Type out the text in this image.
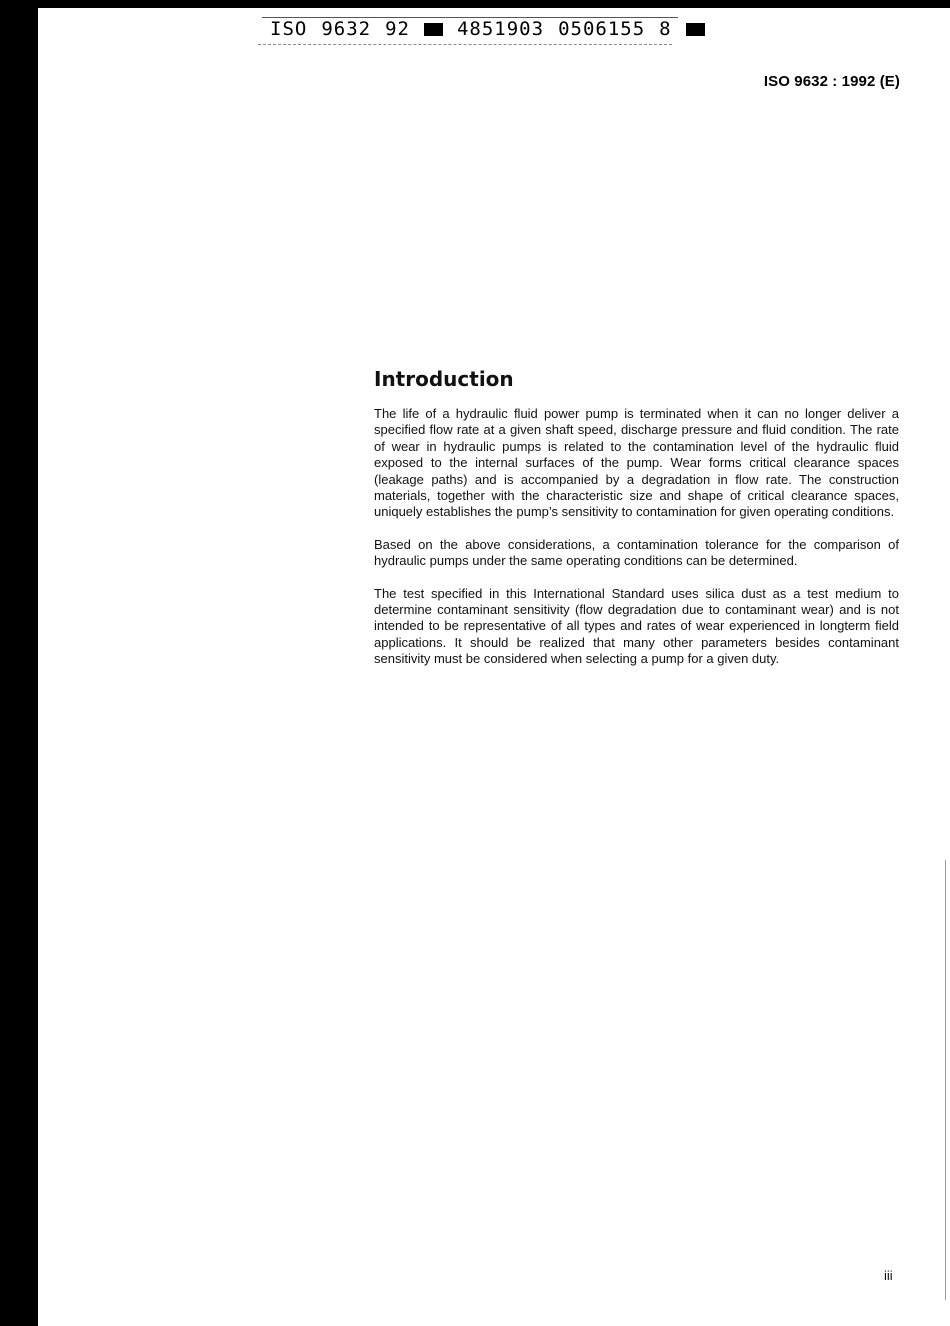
ISO 9632 92 4851903 0506155 8
ISO 9632 : 1992 (E)
Introduction

The life of a hydraulic fluid power pump is terminated when it can no longer deliver a specified flow rate at a given shaft speed, discharge pressure and fluid condition. The rate of wear in hydraulic pumps is related to the contamination level of the hydraulic fluid exposed to the internal surfaces of the pump. Wear forms critical clearance spaces (leakage paths) and is accompanied by a degradation in flow rate. The construction materials, together with the characteristic size and shape of critical clearance spaces, uniquely establishes the pump’s sensitivity to contamination for given operating conditions.

Based on the above considerations, a contamination tolerance for the comparison of hydraulic pumps under the same operating conditions can be determined.

The test specified in this International Standard uses silica dust as a test medium to determine contaminant sensitivity (flow degradation due to contaminant wear) and is not intended to be representative of all types and rates of wear experienced in longterm field applications. It should be realized that many other parameters besides contaminant sensitivity must be considered when selecting a pump for a given duty.

iii
